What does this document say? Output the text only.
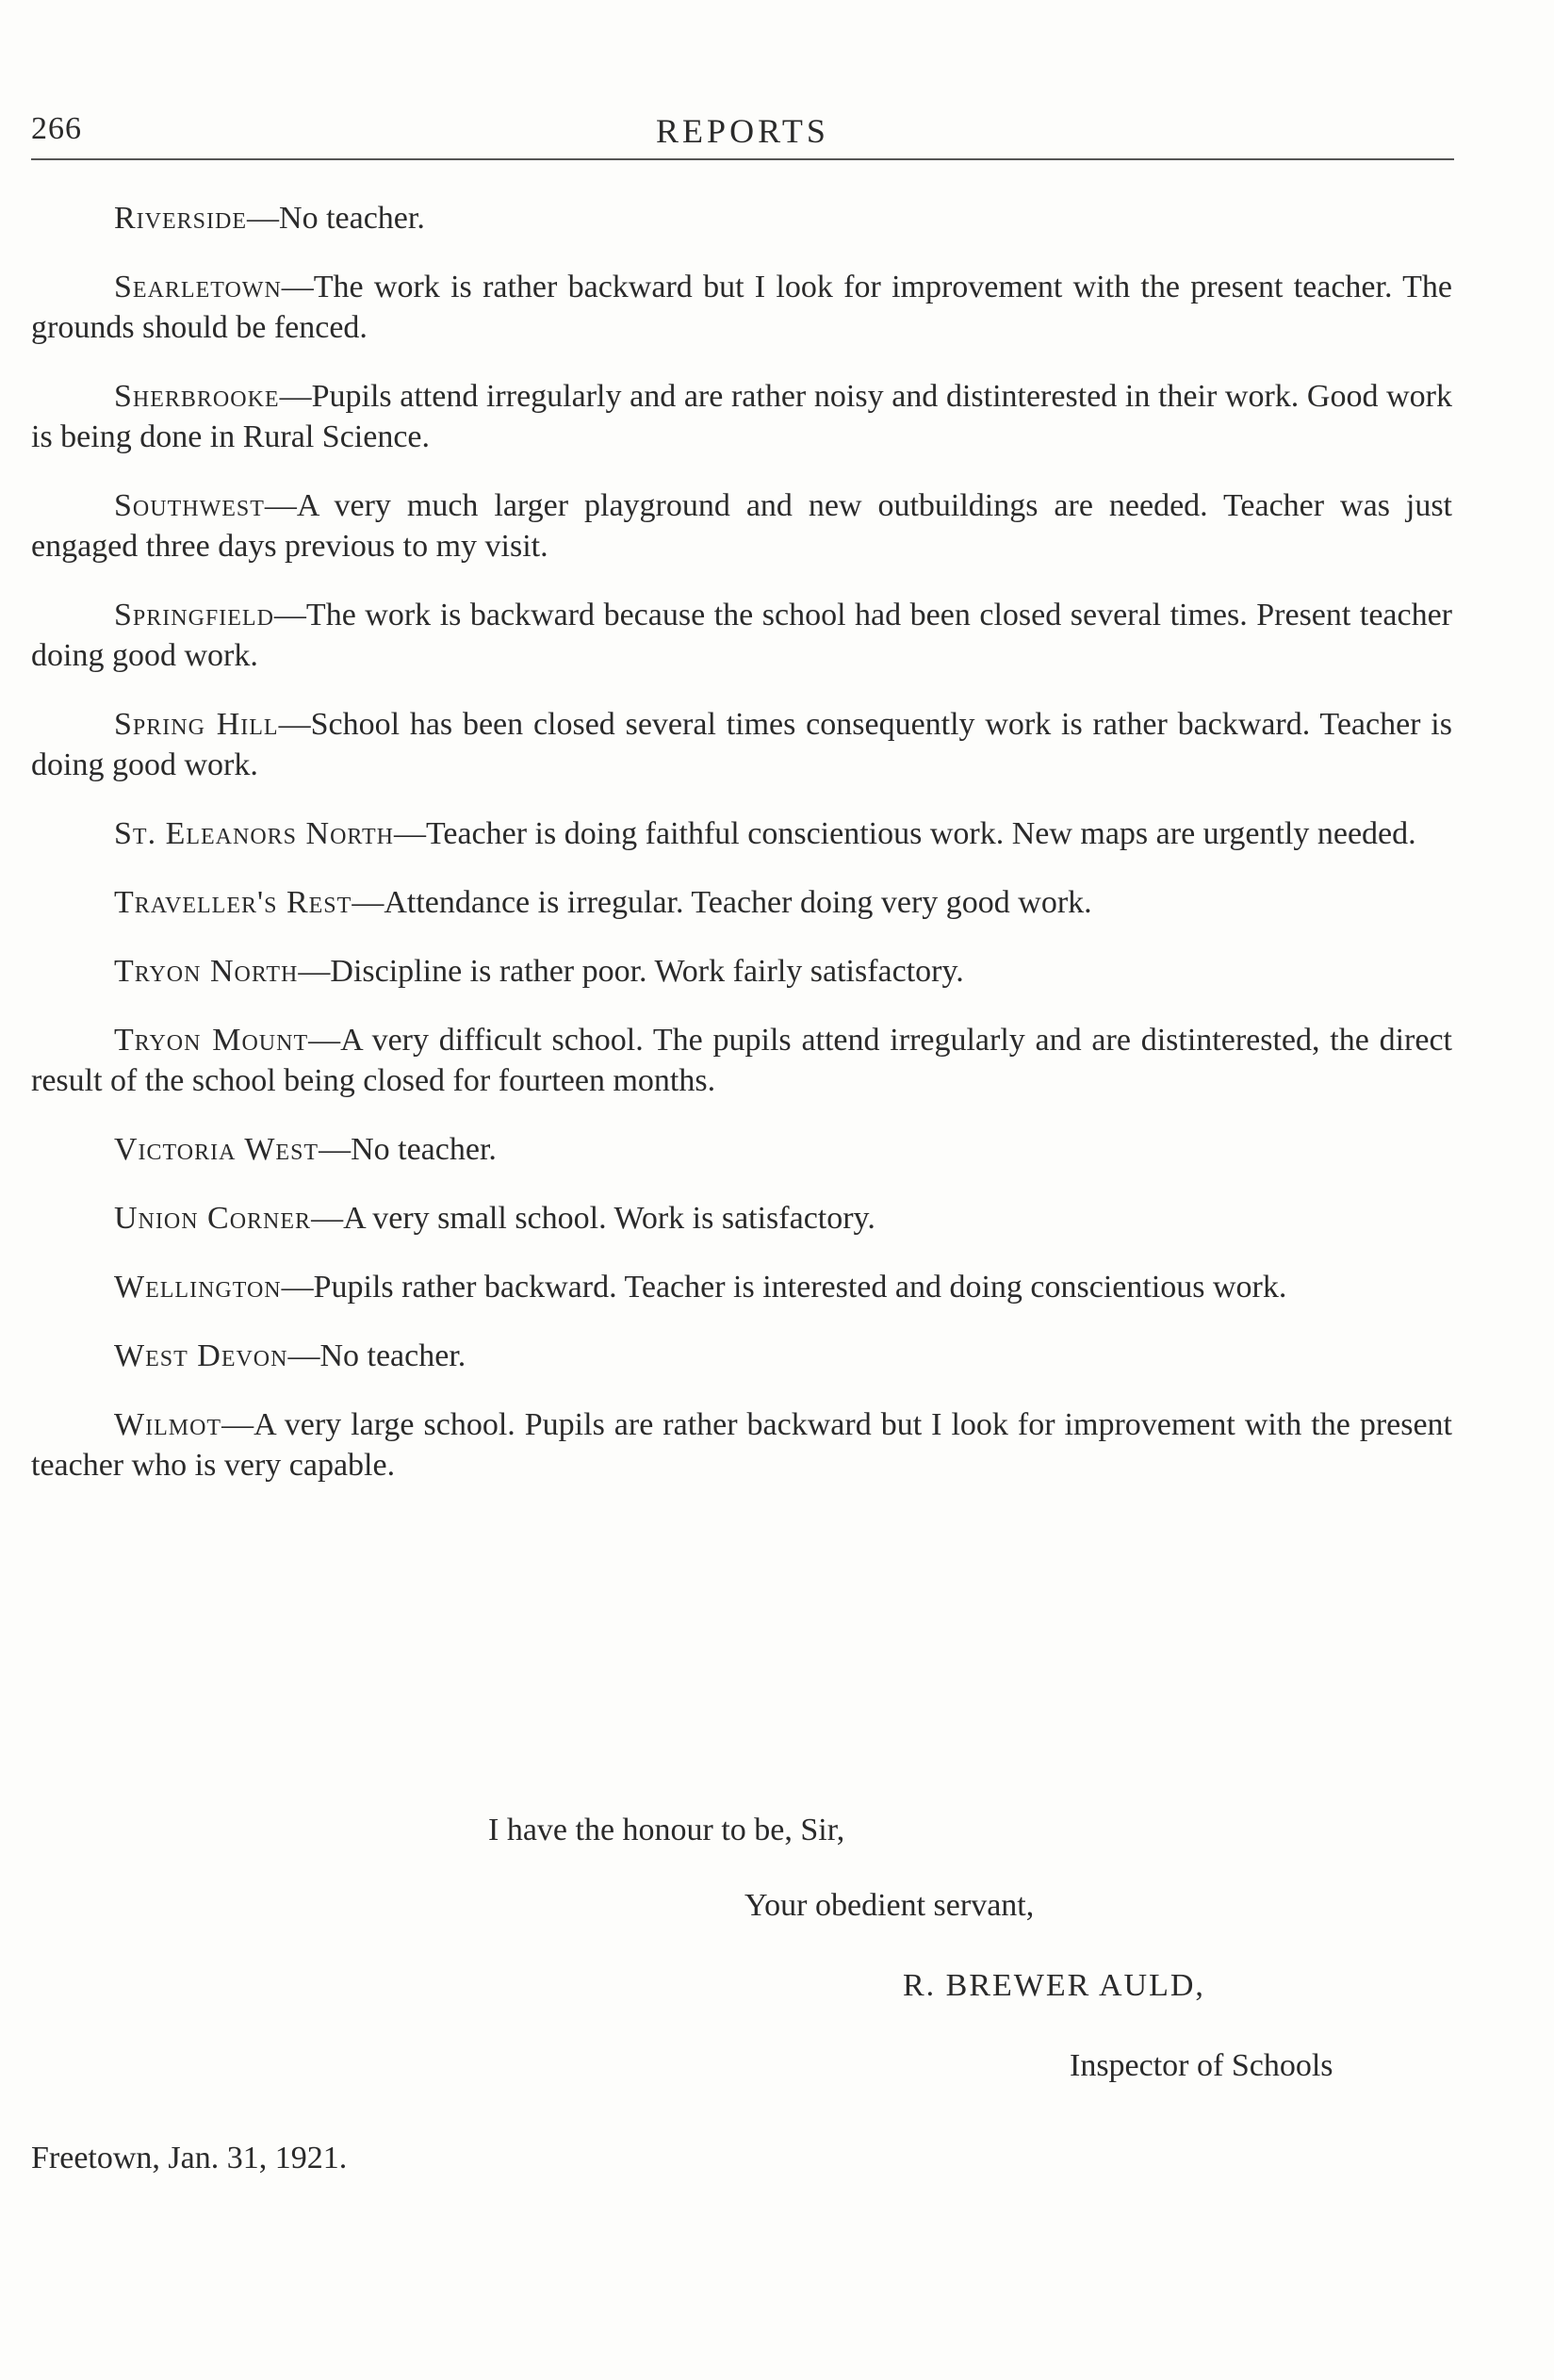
266	REPORTS

Riverside—No teacher.

Searletown—The work is rather backward but I look for improvement with the present teacher. The grounds should be fenced.

Sherbrooke—Pupils attend irregularly and are rather noisy and distinterested in their work. Good work is being done in Rural Science.

Southwest—A very much larger playground and new outbuildings are needed. Teacher was just engaged three days previous to my visit.

Springfield—The work is backward because the school had been closed several times. Present teacher doing good work.

Spring Hill—School has been closed several times consequently work is rather backward. Teacher is doing good work.

St. Eleanors North—Teacher is doing faithful conscientious work. New maps are urgently needed.

Traveller's Rest—Attendance is irregular. Teacher doing very good work.

Tryon North—Discipline is rather poor. Work fairly satisfactory.

Tryon Mount—A very difficult school. The pupils attend irregularly and are distinterested, the direct result of the school being closed for fourteen months.

Victoria West—No teacher.

Union Corner—A very small school. Work is satisfactory.

Wellington—Pupils rather backward. Teacher is interested and doing conscientious work.

West Devon—No teacher.

Wilmot—A very large school. Pupils are rather backward but I look for improvement with the present teacher who is very capable.

I have the honour to be, Sir,
Your obedient servant,
R. BREWER AULD,
Inspector of Schools
Freetown, Jan. 31, 1921.
